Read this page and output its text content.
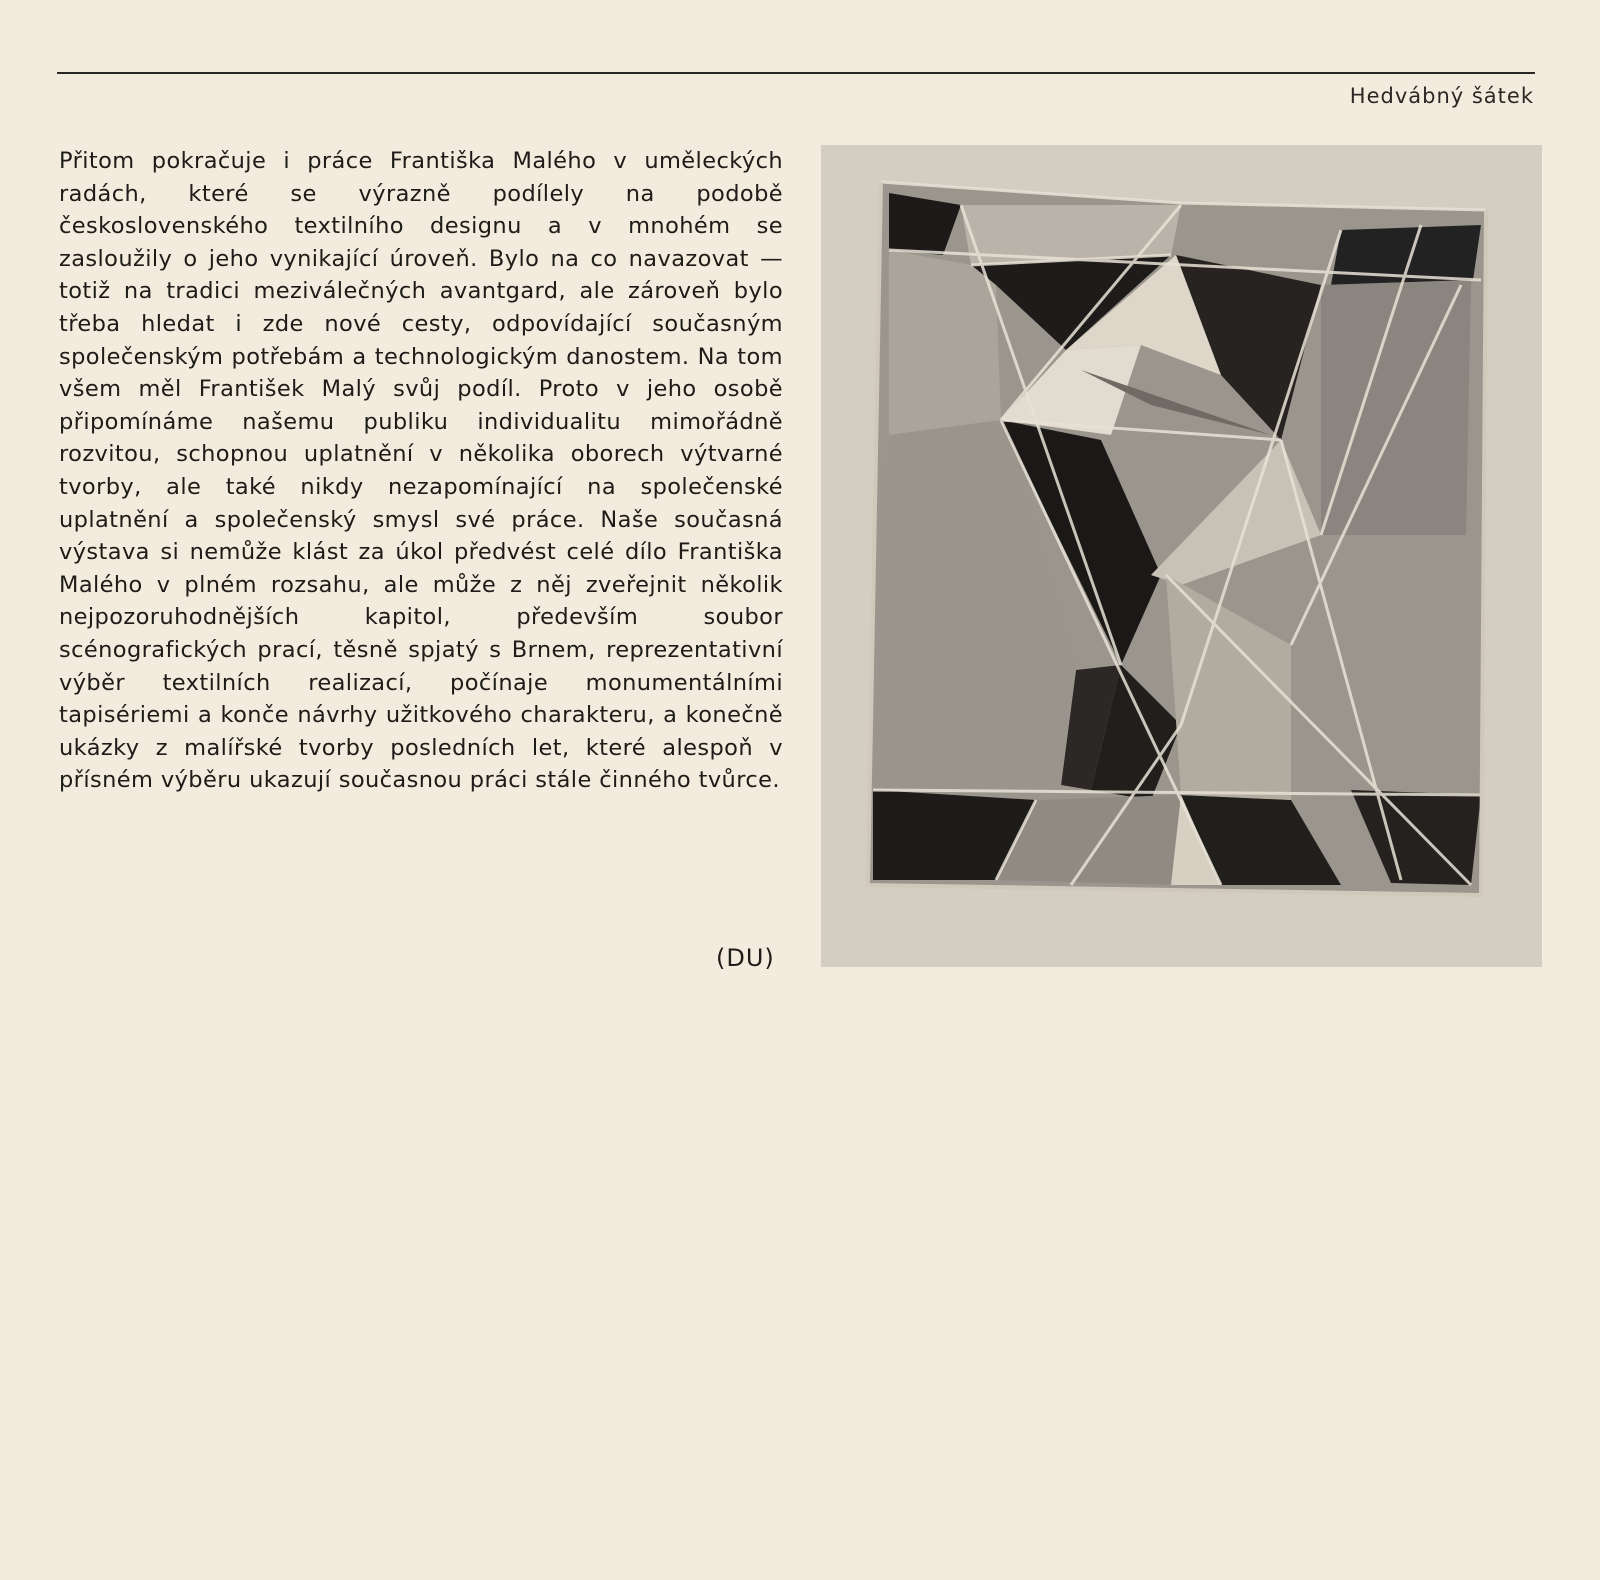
Hedvábný šátek

Přitom pokračuje i práce Františka Malého v uměleckých radách, které se výrazně podílely na podobě československého textilního designu a v mnohém se zasloužily o jeho vynikající úroveň. Bylo na co navazovat — totiž na tradici meziválečných avantgard, ale zároveň bylo třeba hledat i zde nové cesty, odpovídající současným společenským potřebám a technologickým danostem. Na tom všem měl František Malý svůj podíl. Proto v jeho osobě připomínáme našemu publiku individualitu mimořádně rozvitou, schopnou uplatnění v několika oborech výtvarné tvorby, ale také nikdy nezapomínající na společenské uplatnění a společenský smysl své práce. Naše současná výstava si nemůže klást za úkol předvést celé dílo Františka Malého v plném rozsahu, ale může z něj zveřejnit několik nejpozoruhodnějších kapitol, především soubor scénografických prací, těsně spjatý s Brnem, reprezentativní výběr textilních realizací, počínaje monumentálními tapisériemi a konče návrhy užitkového charakteru, a konečně ukázky z malířské tvorby posledních let, které alespoň v přísném výběru ukazují současnou práci stále činného tvůrce.

(DU)
